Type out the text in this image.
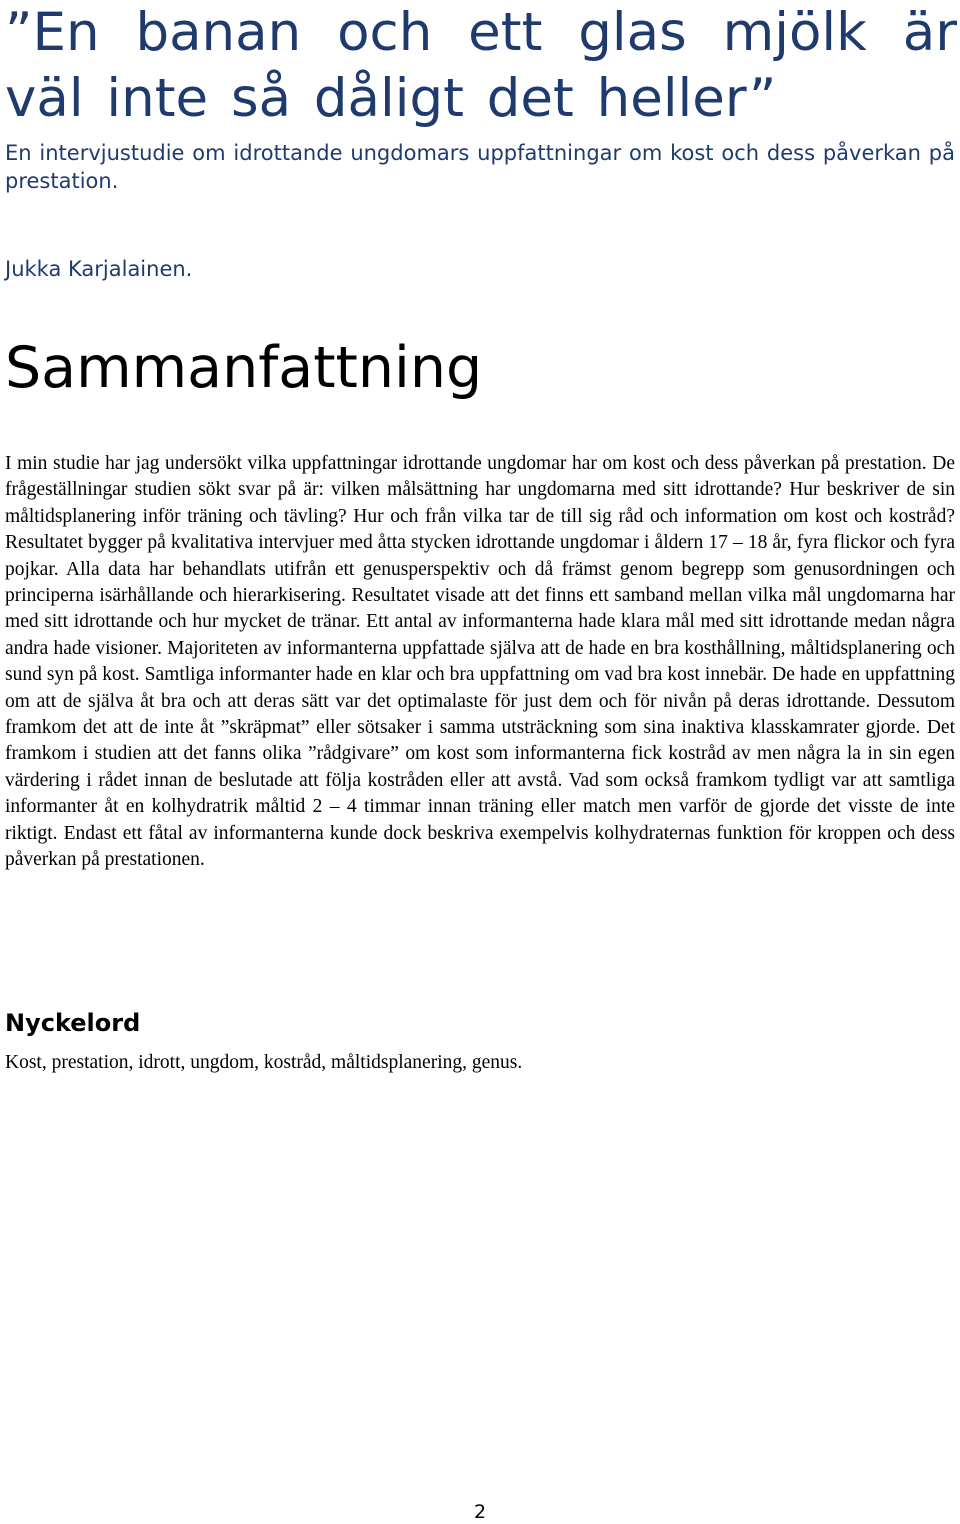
”En banan och ett glas mjölk är väl inte så dåligt det heller”

En intervjustudie om idrottande ungdomars uppfattningar om kost och dess påverkan på prestation.

Jukka Karjalainen.

Sammanfattning

I min studie har jag undersökt vilka uppfattningar idrottande ungdomar har om kost och dess påverkan på prestation. De frågeställningar studien sökt svar på är: vilken målsättning har ungdomarna med sitt idrottande? Hur beskriver de sin måltidsplanering inför träning och tävling? Hur och från vilka tar de till sig råd och information om kost och kostråd? Resultatet bygger på kvalitativa intervjuer med åtta stycken idrottande ungdomar i åldern 17 – 18 år, fyra flickor och fyra pojkar. Alla data har behandlats utifrån ett genusperspektiv och då främst genom begrepp som genusordningen och principerna isärhållande och hierarkisering. Resultatet visade att det finns ett samband mellan vilka mål ungdomarna har med sitt idrottande och hur mycket de tränar. Ett antal av informanterna hade klara mål med sitt idrottande medan några andra hade visioner. Majoriteten av informanterna uppfattade själva att de hade en bra kosthållning, måltidsplanering och sund syn på kost. Samtliga informanter hade en klar och bra uppfattning om vad bra kost innebär. De hade en uppfattning om att de själva åt bra och att deras sätt var det optimalaste för just dem och för nivån på deras idrottande. Dessutom framkom det att de inte åt ”skräpmat” eller sötsaker i samma utsträckning som sina inaktiva klasskamrater gjorde. Det framkom i studien att det fanns olika ”rådgivare” om kost som informanterna fick kostråd av men några la in sin egen värdering i rådet innan de beslutade att följa kostråden eller att avstå. Vad som också framkom tydligt var att samtliga informanter åt en kolhydratrik måltid 2 – 4 timmar innan träning eller match men varför de gjorde det visste de inte riktigt. Endast ett fåtal av informanterna kunde dock beskriva exempelvis kolhydraternas funktion för kroppen och dess påverkan på prestationen.

Nyckelord

Kost, prestation, idrott, ungdom, kostråd, måltidsplanering, genus.

2
